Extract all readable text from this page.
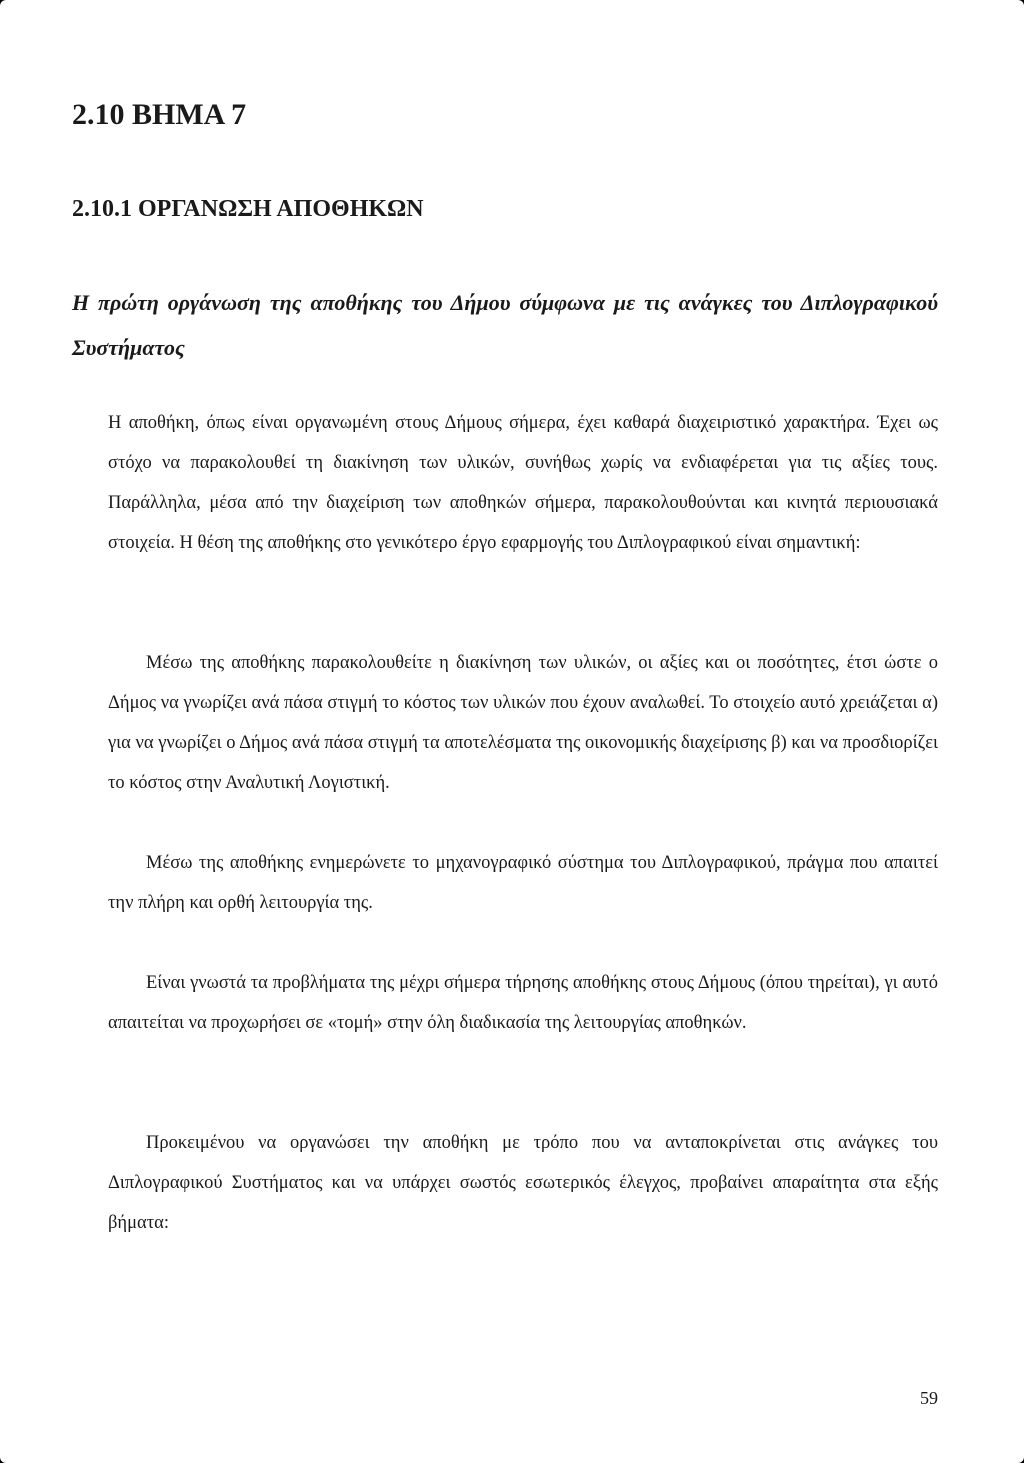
2.10 ΒΗΜΑ 7
2.10.1 ΟΡΓΑΝΩΣΗ ΑΠΟΘΗΚΩΝ
Η πρώτη οργάνωση της αποθήκης του Δήμου σύμφωνα με τις ανάγκες του Διπλογραφικού Συστήματος
Η αποθήκη, όπως είναι οργανωμένη στους Δήμους σήμερα, έχει καθαρά διαχειριστικό χαρακτήρα. Έχει ως στόχο να παρακολουθεί τη διακίνηση των υλικών, συνήθως χωρίς να ενδιαφέρεται για τις αξίες τους. Παράλληλα, μέσα από την διαχείριση των αποθηκών σήμερα, παρακολουθούνται και κινητά περιουσιακά στοιχεία. Η θέση της αποθήκης στο γενικότερο έργο εφαρμογής του Διπλογραφικού είναι σημαντική:
Μέσω της αποθήκης παρακολουθείτε η διακίνηση των υλικών, οι αξίες και οι ποσότητες, έτσι ώστε ο Δήμος να γνωρίζει ανά πάσα στιγμή το κόστος των υλικών που έχουν αναλωθεί. Το στοιχείο αυτό χρειάζεται α) για να γνωρίζει ο Δήμος ανά πάσα στιγμή τα αποτελέσματα της οικονομικής διαχείρισης β) και να προσδιορίζει το κόστος στην Αναλυτική Λογιστική.
Μέσω της αποθήκης ενημερώνετε το μηχανογραφικό σύστημα του Διπλογραφικού, πράγμα που απαιτεί την πλήρη και ορθή λειτουργία της.
Είναι γνωστά τα προβλήματα της μέχρι σήμερα τήρησης αποθήκης στους Δήμους (όπου τηρείται), γι αυτό απαιτείται να προχωρήσει σε «τομή» στην όλη διαδικασία της λειτουργίας αποθηκών.
Προκειμένου να οργανώσει την αποθήκη με τρόπο που να ανταποκρίνεται στις ανάγκες του Διπλογραφικού Συστήματος και να υπάρχει σωστός εσωτερικός έλεγχος, προβαίνει απαραίτητα στα εξής βήματα:
59
